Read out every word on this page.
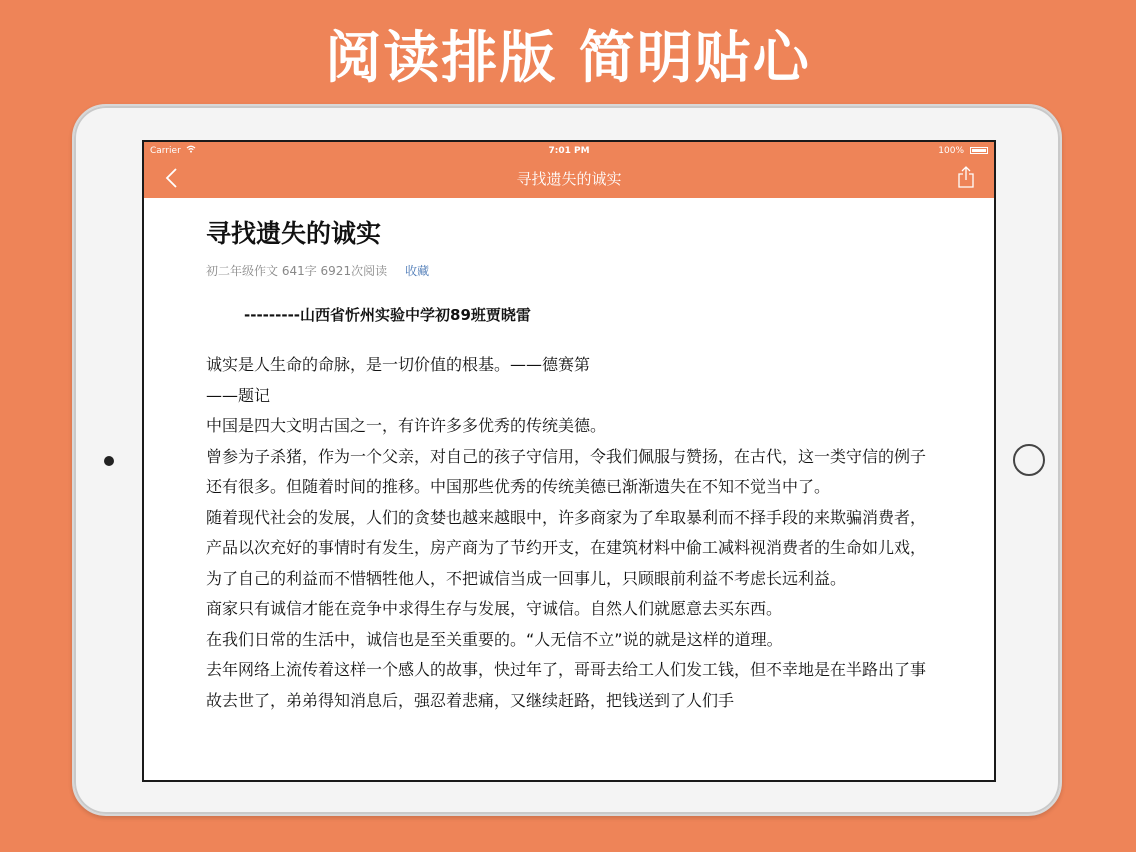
阅读排版 简明贴心
Carrier	7:01 PM	100%
寻找遗失的诚实
寻找遗失的诚实
初二年级作文 641字 6921次阅读 收藏
---------山西省忻州实验中学初89班贾晓雷

诚实是人生命的命脉，是一切价值的根基。——德赛第

——题记

中国是四大文明古国之一，有许许多多优秀的传统美德。

曾参为子杀猪，作为一个父亲，对自己的孩子守信用，令我们佩服与赞扬，在古代，这一类守信的例子还有很多。但随着时间的推移。中国那些优秀的传统美德已渐渐遗失在不知不觉当中了。

随着现代社会的发展，人们的贪婪也越来越眼中，许多商家为了牟取暴利而不择手段的来欺骗消费者，产品以次充好的事情时有发生，房产商为了节约开支，在建筑材料中偷工减料视消费者的生命如儿戏，为了自己的利益而不惜牺牲他人，不把诚信当成一回事儿，只顾眼前利益不考虑长远利益。

商家只有诚信才能在竞争中求得生存与发展，守诚信。自然人们就愿意去买东西。

在我们日常的生活中，诚信也是至关重要的。“人无信不立”说的就是这样的道理。

去年网络上流传着这样一个感人的故事，快过年了，哥哥去给工人们发工钱，但不幸地是在半路出了事故去世了，弟弟得知消息后，强忍着悲痛，又继续赶路，把钱送到了人们手
